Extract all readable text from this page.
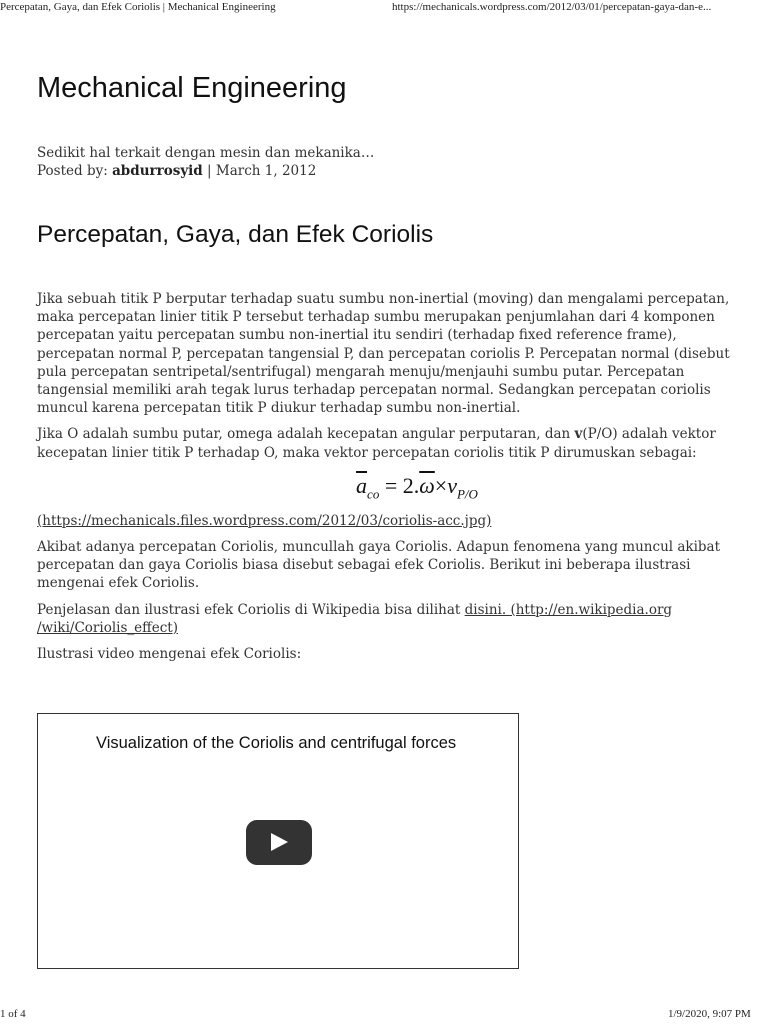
Percepatan, Gaya, dan Efek Coriolis | Mechanical Engineering	https://mechanicals.wordpress.com/2012/03/01/percepatan-gaya-dan-e...
Mechanical Engineering
Sedikit hal terkait dengan mesin dan mekanika…
Posted by: abdurrosyid | March 1, 2012
Percepatan, Gaya, dan Efek Coriolis

Jika sebuah titik P berputar terhadap suatu sumbu non-inertial (moving) dan mengalami percepatan, maka percepatan linier titik P tersebut terhadap sumbu merupakan penjumlahan dari 4 komponen percepatan yaitu percepatan sumbu non-inertial itu sendiri (terhadap fixed reference frame), percepatan normal P, percepatan tangensial P, dan percepatan coriolis P. Percepatan normal (disebut pula percepatan sentripetal/sentrifugal) mengarah menuju/menjauhi sumbu putar. Percepatan tangensial memiliki arah tegak lurus terhadap percepatan normal. Sedangkan percepatan coriolis muncul karena percepatan titik P diukur terhadap sumbu non-inertial.

Jika O adalah sumbu putar, omega adalah kecepatan angular perputaran, dan v(P/O) adalah vektor kecepatan linier titik P terhadap O, maka vektor percepatan coriolis titik P dirumuskan sebagai:

$\overline{a}_{co} = 2.\overline{\omega}\times v_{P/O}$

(https://mechanicals.files.wordpress.com/2012/03/coriolis-acc.jpg)

Akibat adanya percepatan Coriolis, muncullah gaya Coriolis. Adapun fenomena yang muncul akibat percepatan dan gaya Coriolis biasa disebut sebagai efek Coriolis. Berikut ini beberapa ilustrasi mengenai efek Coriolis.

Penjelasan dan ilustrasi efek Coriolis di Wikipedia bisa dilihat disini. (http://en.wikipedia.org /wiki/Coriolis_effect)

Ilustrasi video mengenai efek Coriolis:

Visualization of the Coriolis and centrifugal forces
1 of 4	1/9/2020, 9:07 PM
